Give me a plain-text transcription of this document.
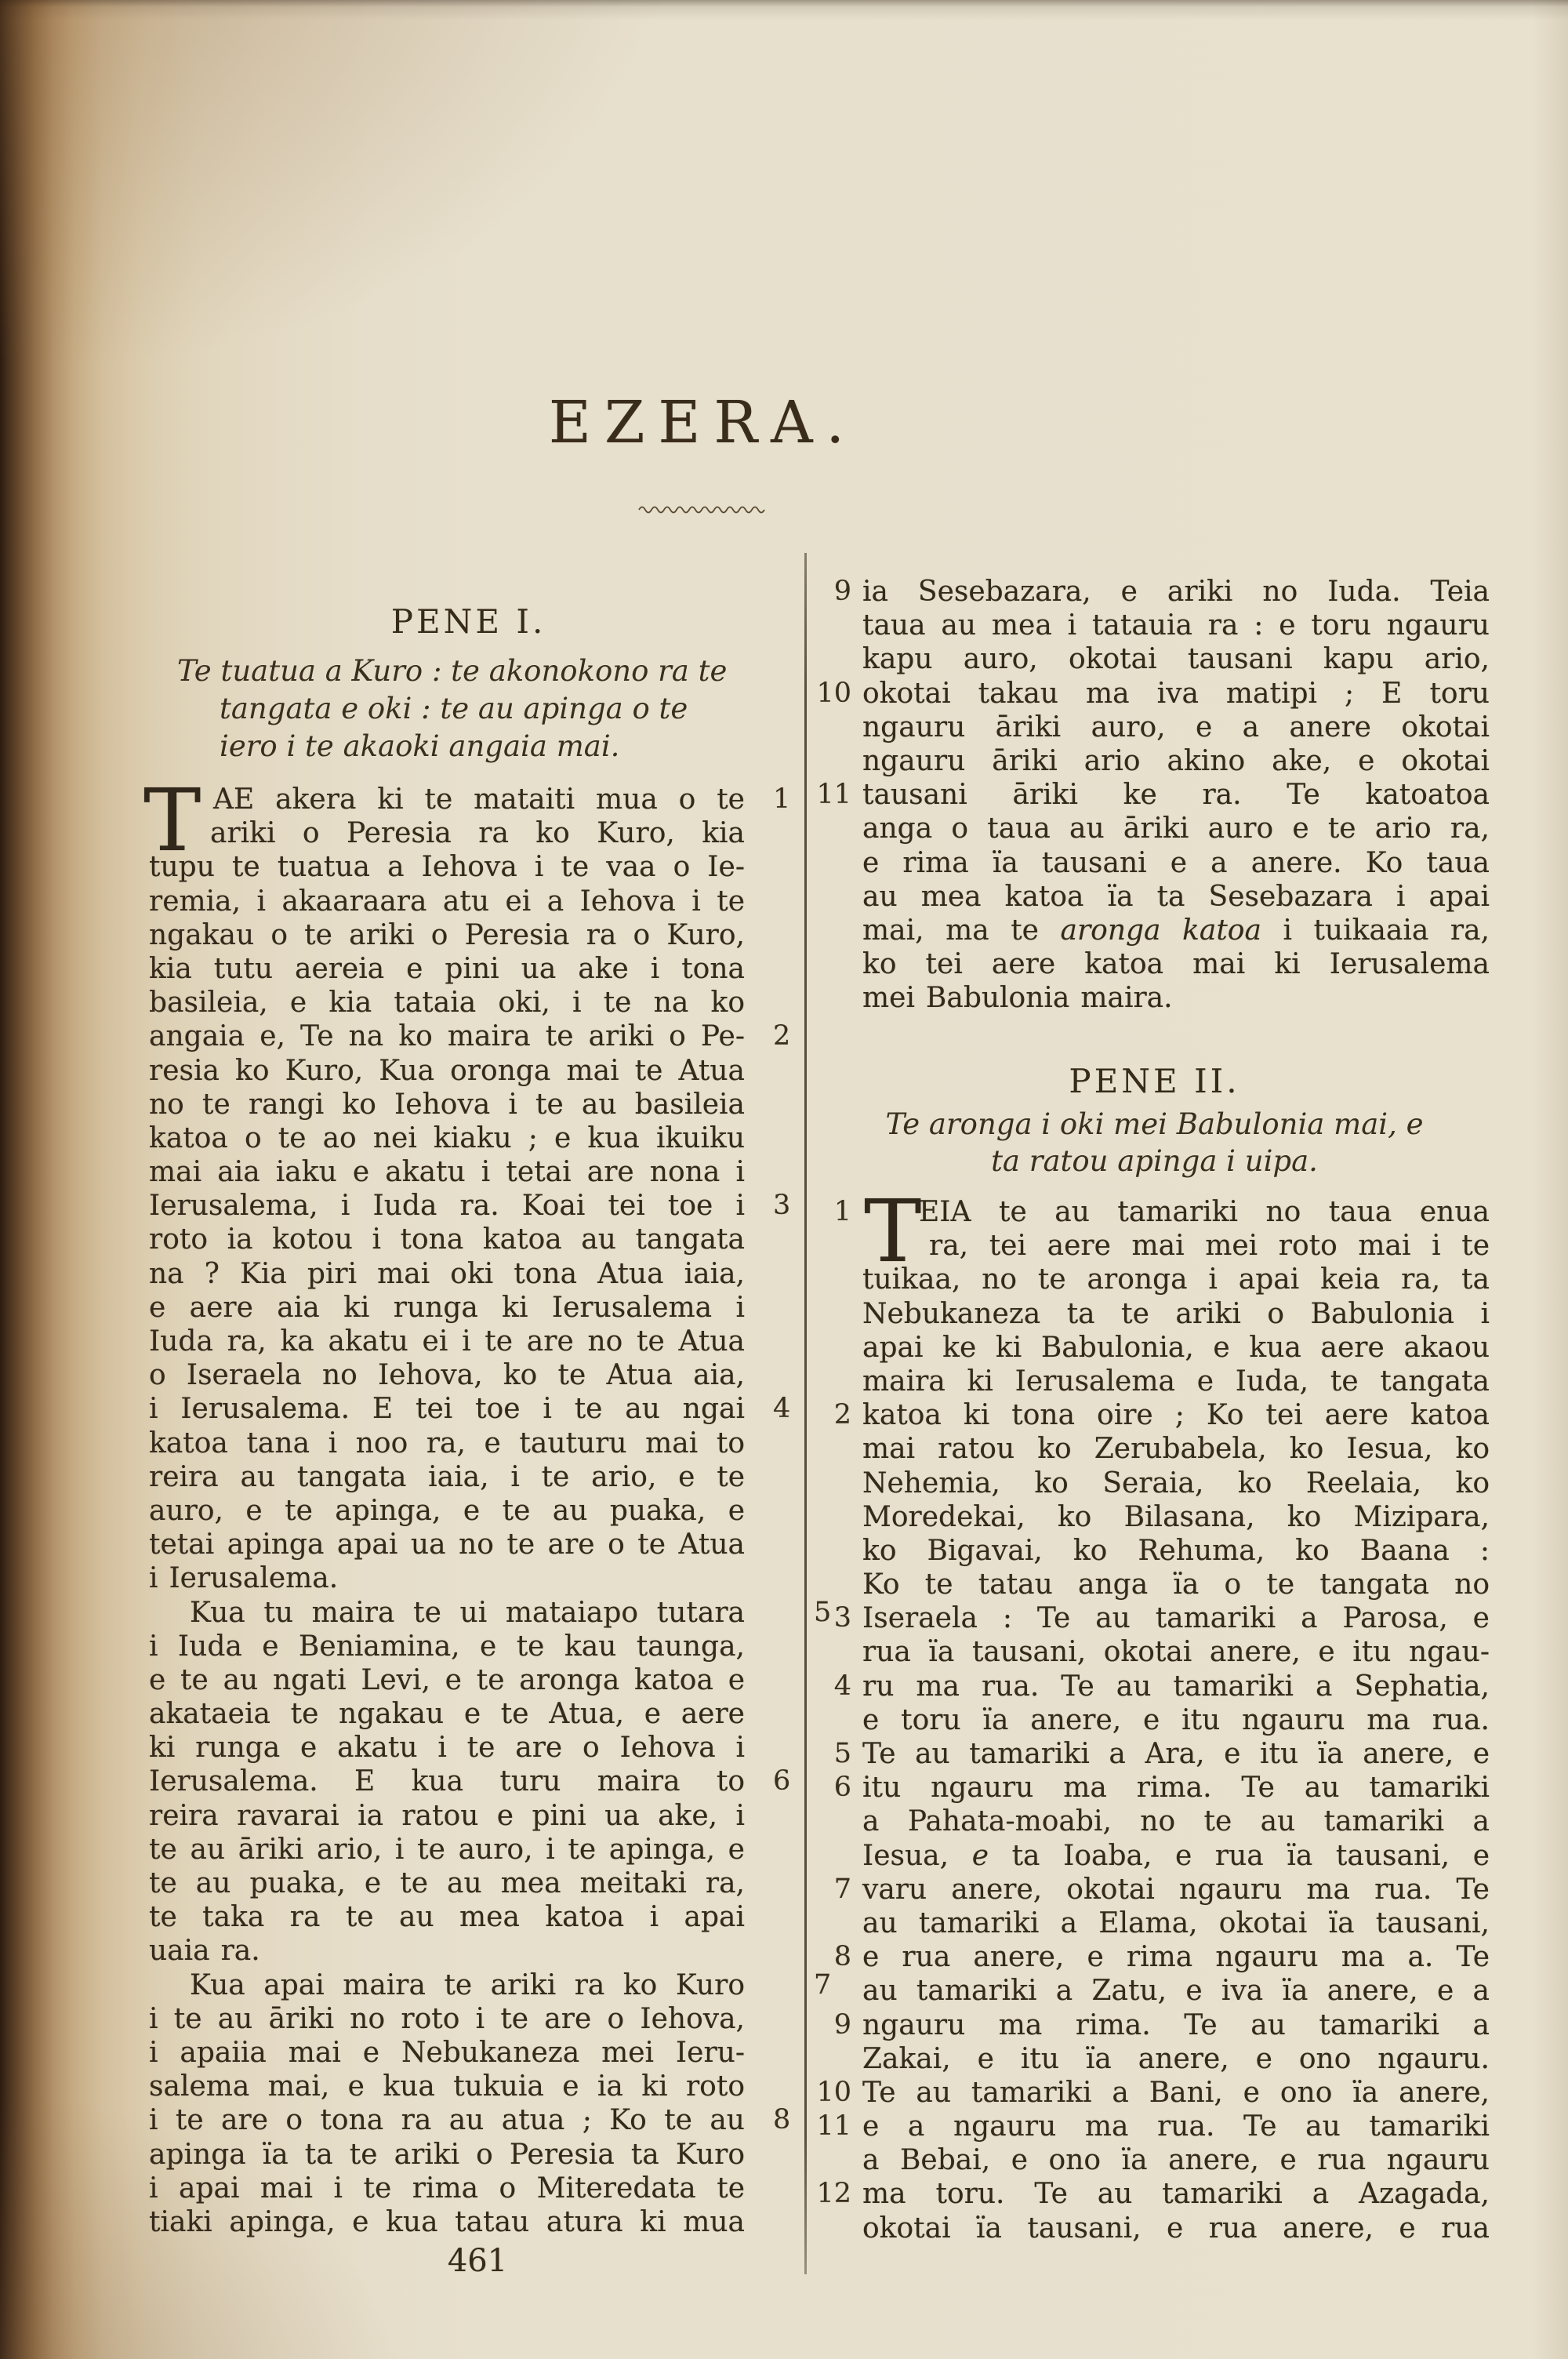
EZERA.
PENE I.
Te tuatua a Kuro : te akonokono ra te
tangata e oki : te au apinga o te
iero i te akaoki angaia mai.
T	1
AE akera ki te mataiti mua o te
ariki o Peresia ra ko Kuro, kia
tupu te tuatua a Iehova i te vaa o Ie-
remia, i akaaraara atu ei a Iehova i te
ngakau o te ariki o Peresia ra o Kuro,
kia tutu aereia e pini ua ake i tona
basileia, e kia tataia oki, i te na ko
2
angaia e, Te na ko maira te ariki o Pe-
resia ko Kuro, Kua oronga mai te Atua
no te rangi ko Iehova i te au basileia
katoa o te ao nei kiaku ; e kua ikuiku
mai aia iaku e akatu i tetai are nona i
3
Ierusalema, i Iuda ra. Koai tei toe i
roto ia kotou i tona katoa au tangata
na ? Kia piri mai oki tona Atua iaia,
e aere aia ki runga ki Ierusalema i
Iuda ra, ka akatu ei i te are no te Atua
o Iseraela no Iehova, ko te Atua aia,
4
i Ierusalema. E tei toe i te au ngai
katoa tana i noo ra, e tauturu mai to
reira au tangata iaia, i te ario, e te
auro, e te apinga, e te au puaka, e
tetai apinga apai ua no te are o te Atua
i Ierusalema.
5
Kua tu maira te ui mataiapo tutara
i Iuda e Beniamina, e te kau taunga,
e te au ngati Levi, e te aronga katoa e
akataeia te ngakau e te Atua, e aere
ki runga e akatu i te are o Iehova i
6
Ierusalema. E kua turu maira to
reira ravarai ia ratou e pini ua ake, i
te au āriki ario, i te auro, i te apinga, e
te au puaka, e te au mea meitaki ra,
te taka ra te au mea katoa i apai
uaia ra.
7
Kua apai maira te ariki ra ko Kuro
i te au āriki no roto i te are o Iehova,
i apaiia mai e Nebukaneza mei Ieru-
salema mai, e kua tukuia e ia ki roto
8
i te are o tona ra au atua ; Ko te au
apinga ïa ta te ariki o Peresia ta Kuro
i apai mai i te rima o Miteredata te
tiaki apinga, e kua tatau atura ki mua
9 ia Sesebazara, e ariki no Iuda. Teia
taua au mea i tatauia ra : e toru ngauru
kapu auro, okotai tausani kapu ario,
10 okotai takau ma iva matipi ; E toru
ngauru āriki auro, e a anere okotai
ngauru āriki ario akino ake, e okotai
11 tausani āriki ke ra. Te katoatoa
anga o taua au āriki auro e te ario ra,
e rima ïa tausani e a anere. Ko taua
au mea katoa ïa ta Sesebazara i apai
mai, ma te aronga katoa i tuikaaia ra,
ko tei aere katoa mai ki Ierusalema
mei Babulonia maira.
PENE II.
Te aronga i oki mei Babulonia mai, e
ta ratou apinga i uipa.
T
1 EIA te au tamariki no taua enua
ra, tei aere mai mei roto mai i te
tuikaa, no te aronga i apai keia ra, ta
Nebukaneza ta te ariki o Babulonia i
apai ke ki Babulonia, e kua aere akaou
maira ki Ierusalema e Iuda, te tangata
2 katoa ki tona oire ; Ko tei aere katoa
mai ratou ko Zerubabela, ko Iesua, ko
Nehemia, ko Seraia, ko Reelaia, ko
Moredekai, ko Bilasana, ko Mizipara,
ko Bigavai, ko Rehuma, ko Baana :
Ko te tatau anga ïa o te tangata no
3 Iseraela : Te au tamariki a Parosa, e
rua ïa tausani, okotai anere, e itu ngau-
4 ru ma rua. Te au tamariki a Sephatia,
e toru ïa anere, e itu ngauru ma rua.
5 Te au tamariki a Ara, e itu ïa anere, e
6 itu ngauru ma rima. Te au tamariki
a Pahata-moabi, no te au tamariki a
Iesua, e ta Ioaba, e rua ïa tausani, e
7 varu anere, okotai ngauru ma rua. Te
au tamariki a Elama, okotai ïa tausani,
8 e rua anere, e rima ngauru ma a. Te
au tamariki a Zatu, e iva ïa anere, e a
9 ngauru ma rima. Te au tamariki a
Zakai, e itu ïa anere, e ono ngauru.
10 Te au tamariki a Bani, e ono ïa anere,
11 e a ngauru ma rua. Te au tamariki
a Bebai, e ono ïa anere, e rua ngauru
12 ma toru. Te au tamariki a Azagada,
okotai ïa tausani, e rua anere, e rua
461
